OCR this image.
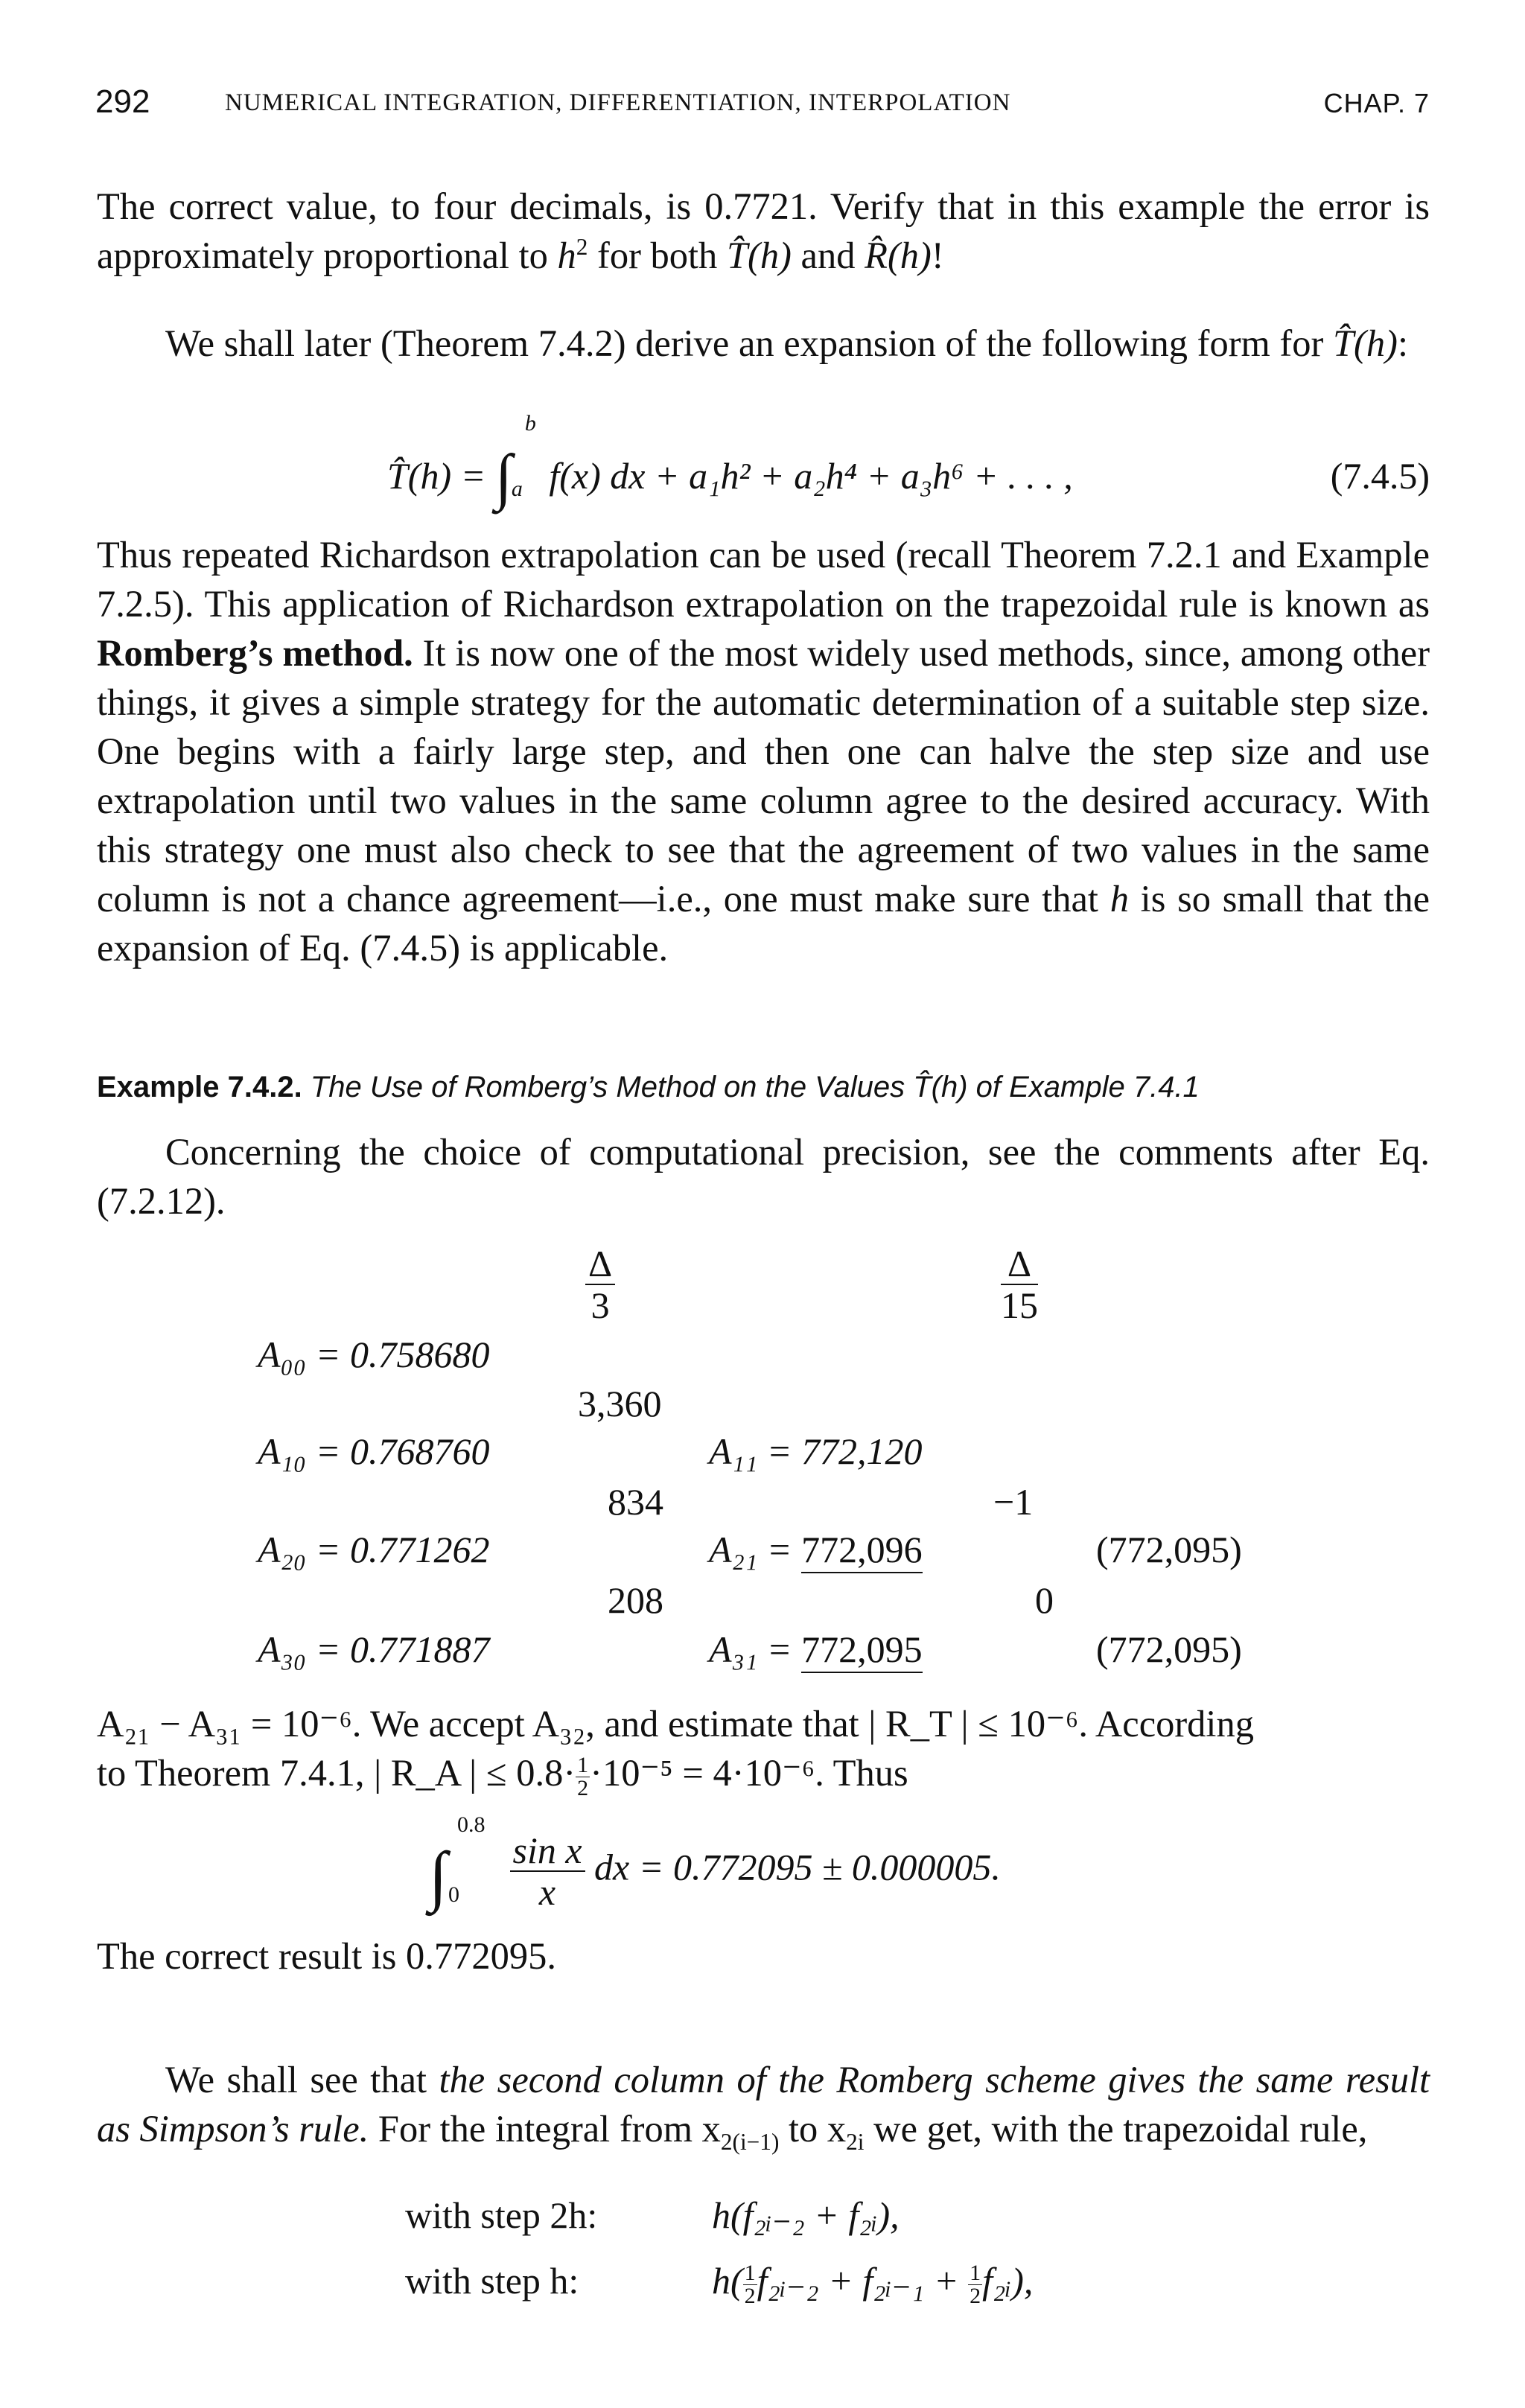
292	NUMERICAL INTEGRATION, DIFFERENTIATION, INTERPOLATION	CHAP. 7
The correct value, to four decimals, is 0.7721. Verify that in this example the error is approximately proportional to $h^2$ for both T̂(h) and R̂(h)!
We shall later (Theorem 7.4.2) derive an expansion of the following form for T̂(h):
T̂(h) = ∫
b
a f(x) dx + a₁h² + a₂h⁴ + a₃h⁶ + . . . ,	(7.4.5)
Thus repeated Richardson extrapolation can be used (recall Theorem 7.2.1 and Example 7.2.5). This application of Richardson extrapolation on the trapezoidal rule is known as Romberg’s method. It is now one of the most widely used methods, since, among other things, it gives a simple strategy for the automatic determination of a suitable step size. One begins with a fairly large step, and then one can halve the step size and use extrapolation until two values in the same column agree to the desired accuracy. With this strategy one must also check to see that the agreement of two values in the same column is not a chance agreement—i.e., one must make sure that h is so small that the expansion of Eq. (7.4.5) is applicable.
Example 7.4.2. The Use of Romberg’s Method on the Values T̂(h) of Example 7.4.1
Concerning the choice of computational precision, see the comments after Eq. (7.2.12).
$\frac{\Delta}{3}$	$\frac{\Delta}{15}$
A₀₀ = 0.758680
3,360
A₁₀ = 0.768760	A₁₁ = 772,120
834	−1
A₂₀ = 0.771262	A₂₁ = 772,096	(772,095)
208	0
A₃₀ = 0.771887	A₃₁ = 772,095	(772,095)
A₂₁ − A₃₁ = 10⁻⁶. We accept A₃₂, and estimate that | R_T | ≤ 10⁻⁶. According
to Theorem 7.4.1, | R_A | ≤ $0.8\cdot \frac{1}{2} \cdot 10^{-5} = 4\cdot 10^{-6}$. Thus
∫
0.8
0
$\frac{\text{sin x}}{x}$ dx = 0.772095 ± 0.000005.
The correct result is 0.772095.
We shall see that the second column of the Romberg scheme gives the same result as Simpson’s rule. For the integral from $x_{2(i-1)}$ to $x_{2i}$ we get, with the trapezoidal rule,
with step 2h:	h(f₂ᵢ₋₂ + f₂ᵢ),
with step h:	$h( \frac{1}{2}$ f₂ᵢ₋₂ + f₂ᵢ₋₁ + $\frac{1}{2}$ f₂ᵢ),
